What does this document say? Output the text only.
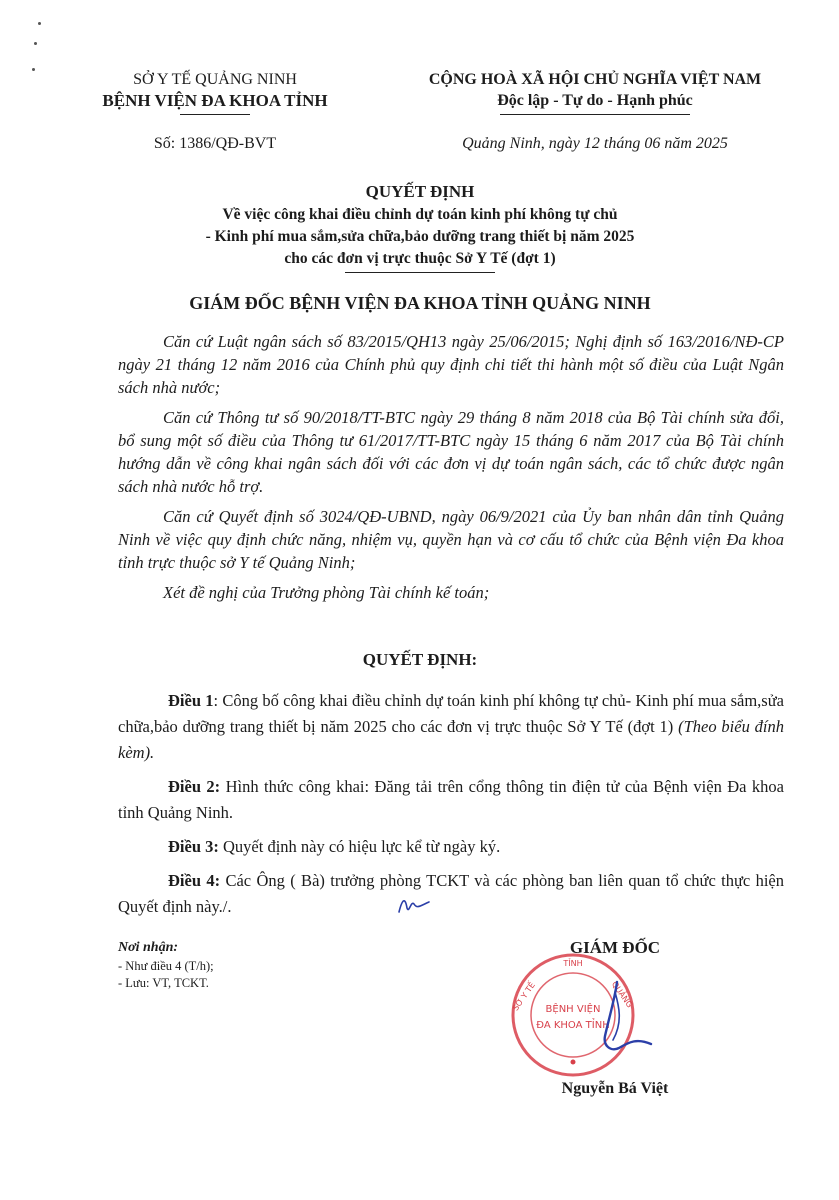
SỞ Y TẾ QUẢNG NINH
BỆNH VIỆN ĐA KHOA TỈNH
Số: 1386/QĐ-BVT
CỘNG HOÀ XÃ HỘI CHỦ NGHĨA VIỆT NAM
Độc lập - Tự do - Hạnh phúc
Quảng Ninh, ngày 12 tháng 06 năm 2025
QUYẾT ĐỊNH
Về việc công khai điều chỉnh dự toán kinh phí không tự chủ
- Kinh phí mua sắm,sửa chữa,bảo dưỡng trang thiết bị năm 2025
cho các đơn vị trực thuộc Sở Y Tế (đợt 1)
GIÁM ĐỐC BỆNH VIỆN ĐA KHOA TỈNH QUẢNG NINH

Căn cứ Luật ngân sách số 83/2015/QH13 ngày 25/06/2015; Nghị định số 163/2016/NĐ-CP ngày 21 tháng 12 năm 2016 của Chính phủ quy định chi tiết thi hành một số điều của Luật Ngân sách nhà nước;

Căn cứ Thông tư số 90/2018/TT-BTC ngày 29 tháng 8 năm 2018 của Bộ Tài chính sửa đổi, bổ sung một số điều của Thông tư 61/2017/TT-BTC ngày 15 tháng 6 năm 2017 của Bộ Tài chính hướng dẫn về công khai ngân sách đối với các đơn vị dự toán ngân sách, các tổ chức được ngân sách nhà nước hỗ trợ.

Căn cứ Quyết định số 3024/QĐ-UBND, ngày 06/9/2021 của Ủy ban nhân dân tỉnh Quảng Ninh về việc quy định chức năng, nhiệm vụ, quyền hạn và cơ cấu tổ chức của Bệnh viện Đa khoa tỉnh trực thuộc sở Y tế Quảng Ninh;

Xét đề nghị của Trưởng phòng Tài chính kế toán;

QUYẾT ĐỊNH:

Điều 1: Công bố công khai điều chỉnh dự toán kinh phí không tự chủ- Kinh phí mua sắm,sửa chữa,bảo dưỡng trang thiết bị năm 2025 cho các đơn vị trực thuộc Sở Y Tế (đợt 1) (Theo biểu đính kèm).

Điều 2: Hình thức công khai: Đăng tải trên cổng thông tin điện tử của Bệnh viện Đa khoa tỉnh Quảng Ninh.

Điều 3: Quyết định này có hiệu lực kể từ ngày ký.

Điều 4: Các Ông ( Bà) trưởng phòng TCKT và các phòng ban liên quan tổ chức thực hiện Quyết định này./.

Nơi nhận:
- Như điều 4 (T/h);
- Lưu: VT, TCKT.
GIÁM ĐỐC
TỈNH
SỞ Y TẾ	QUẢNG
BỆNH VIỆN
ĐA KHOA TỈNH
Nguyễn Bá Việt
